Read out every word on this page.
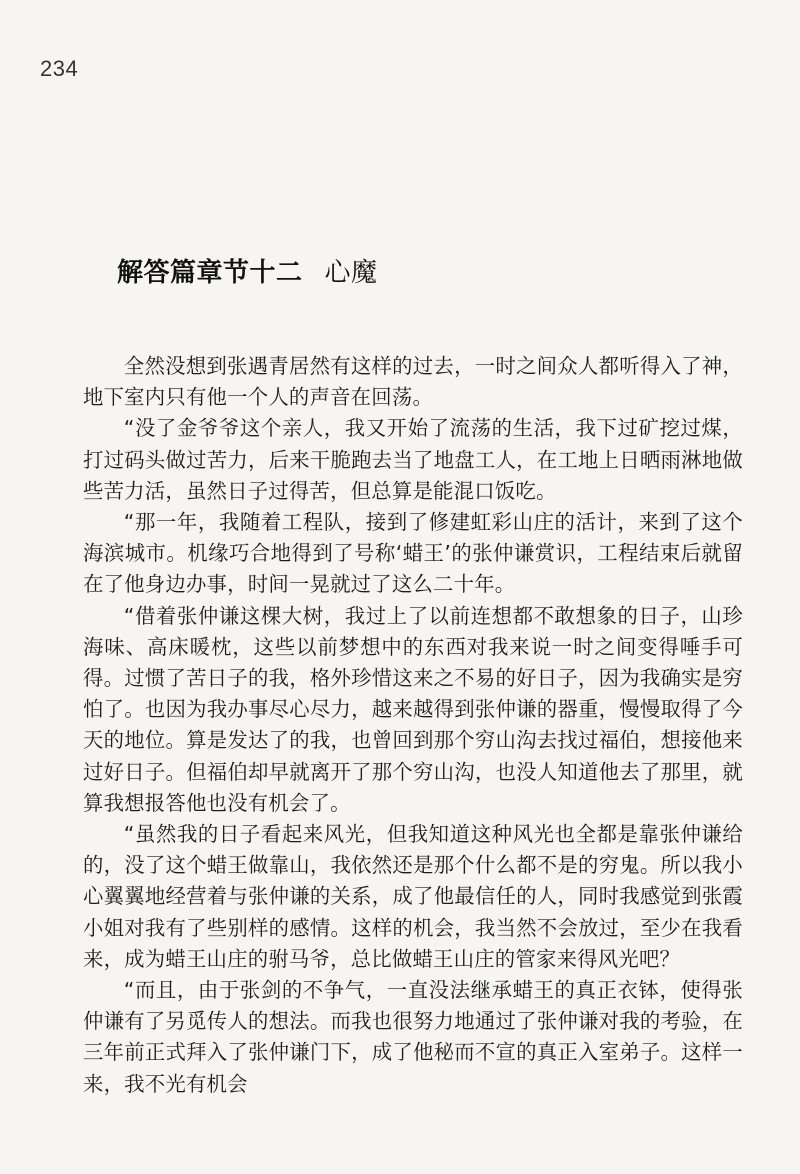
234
解答篇章节十二 心魔

全然没想到张遇青居然有这样的过去，一时之间众人都听得入了神，地下室内只有他一个人的声音在回荡。

“没了金爷爷这个亲人，我又开始了流荡的生活，我下过矿挖过煤，打过码头做过苦力，后来干脆跑去当了地盘工人，在工地上日晒雨淋地做些苦力活，虽然日子过得苦，但总算是能混口饭吃。

“那一年，我随着工程队，接到了修建虹彩山庄的活计，来到了这个海滨城市。机缘巧合地得到了号称‘蜡王’的张仲谦赏识，工程结束后就留在了他身边办事，时间一晃就过了这么二十年。

“借着张仲谦这棵大树，我过上了以前连想都不敢想象的日子，山珍海味、高床暖枕，这些以前梦想中的东西对我来说一时之间变得唾手可得。过惯了苦日子的我，格外珍惜这来之不易的好日子，因为我确实是穷怕了。也因为我办事尽心尽力，越来越得到张仲谦的器重，慢慢取得了今天的地位。算是发达了的我，也曾回到那个穷山沟去找过福伯，想接他来过好日子。但福伯却早就离开了那个穷山沟，也没人知道他去了那里，就算我想报答他也没有机会了。

“虽然我的日子看起来风光，但我知道这种风光也全都是靠张仲谦给的，没了这个蜡王做靠山，我依然还是那个什么都不是的穷鬼。所以我小心翼翼地经营着与张仲谦的关系，成了他最信任的人，同时我感觉到张霞小姐对我有了些别样的感情。这样的机会，我当然不会放过，至少在我看来，成为蜡王山庄的驸马爷，总比做蜡王山庄的管家来得风光吧？

“而且，由于张剑的不争气，一直没法继承蜡王的真正衣钵，使得张仲谦有了另觅传人的想法。而我也很努力地通过了张仲谦对我的考验，在三年前正式拜入了张仲谦门下，成了他秘而不宣的真正入室弟子。这样一来，我不光有机会
